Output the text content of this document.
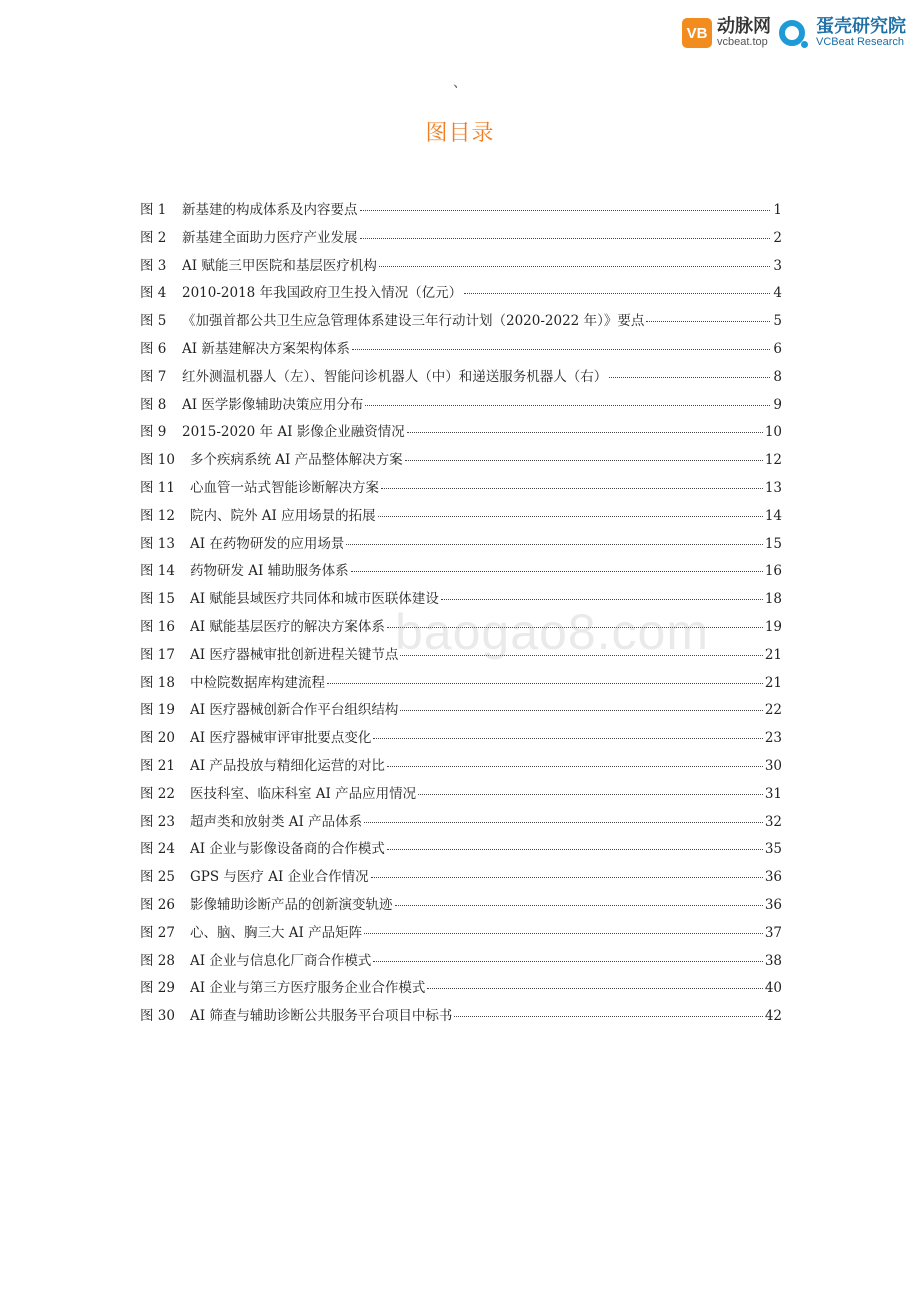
VB 动脉网
vcbeat.top
蛋壳研究院
VCBeat Research
、
图目录
图 1	新基建的构成体系及内容要点	1
图 2	新基建全面助力医疗产业发展	2
图 3	AI 赋能三甲医院和基层医疗机构	3
图 4	2010-2018 年我国政府卫生投入情况（亿元）	4
图 5	《加强首都公共卫生应急管理体系建设三年行动计划（2020-2022 年）》要点	5
图 6	AI 新基建解决方案架构体系	6
图 7	红外测温机器人（左）、智能问诊机器人（中）和递送服务机器人（右）	8
图 8	AI 医学影像辅助决策应用分布	9
图 9	2015-2020 年 AI 影像企业融资情况	10
图 10	多个疾病系统 AI 产品整体解决方案	12
图 11	心血管一站式智能诊断解决方案	13
图 12	院内、院外 AI 应用场景的拓展	14
图 13	AI 在药物研发的应用场景	15
图 14	药物研发 AI 辅助服务体系	16
图 15	AI 赋能县域医疗共同体和城市医联体建设	18
图 16	AI 赋能基层医疗的解决方案体系	19
图 17	AI 医疗器械审批创新进程关键节点	21
图 18	中检院数据库构建流程	21
图 19	AI 医疗器械创新合作平台组织结构	22
图 20	AI 医疗器械审评审批要点变化	23
图 21	AI 产品投放与精细化运营的对比	30
图 22	医技科室、临床科室 AI 产品应用情况	31
图 23	超声类和放射类 AI 产品体系	32
图 24	AI 企业与影像设备商的合作模式	35
图 25	GPS 与医疗 AI 企业合作情况	36
图 26	影像辅助诊断产品的创新演变轨迹	36
图 27	心、脑、胸三大 AI 产品矩阵	37
图 28	AI 企业与信息化厂商合作模式	38
图 29	AI 企业与第三方医疗服务企业合作模式	40
图 30	AI 筛查与辅助诊断公共服务平台项目中标书	42
baogao8.com
